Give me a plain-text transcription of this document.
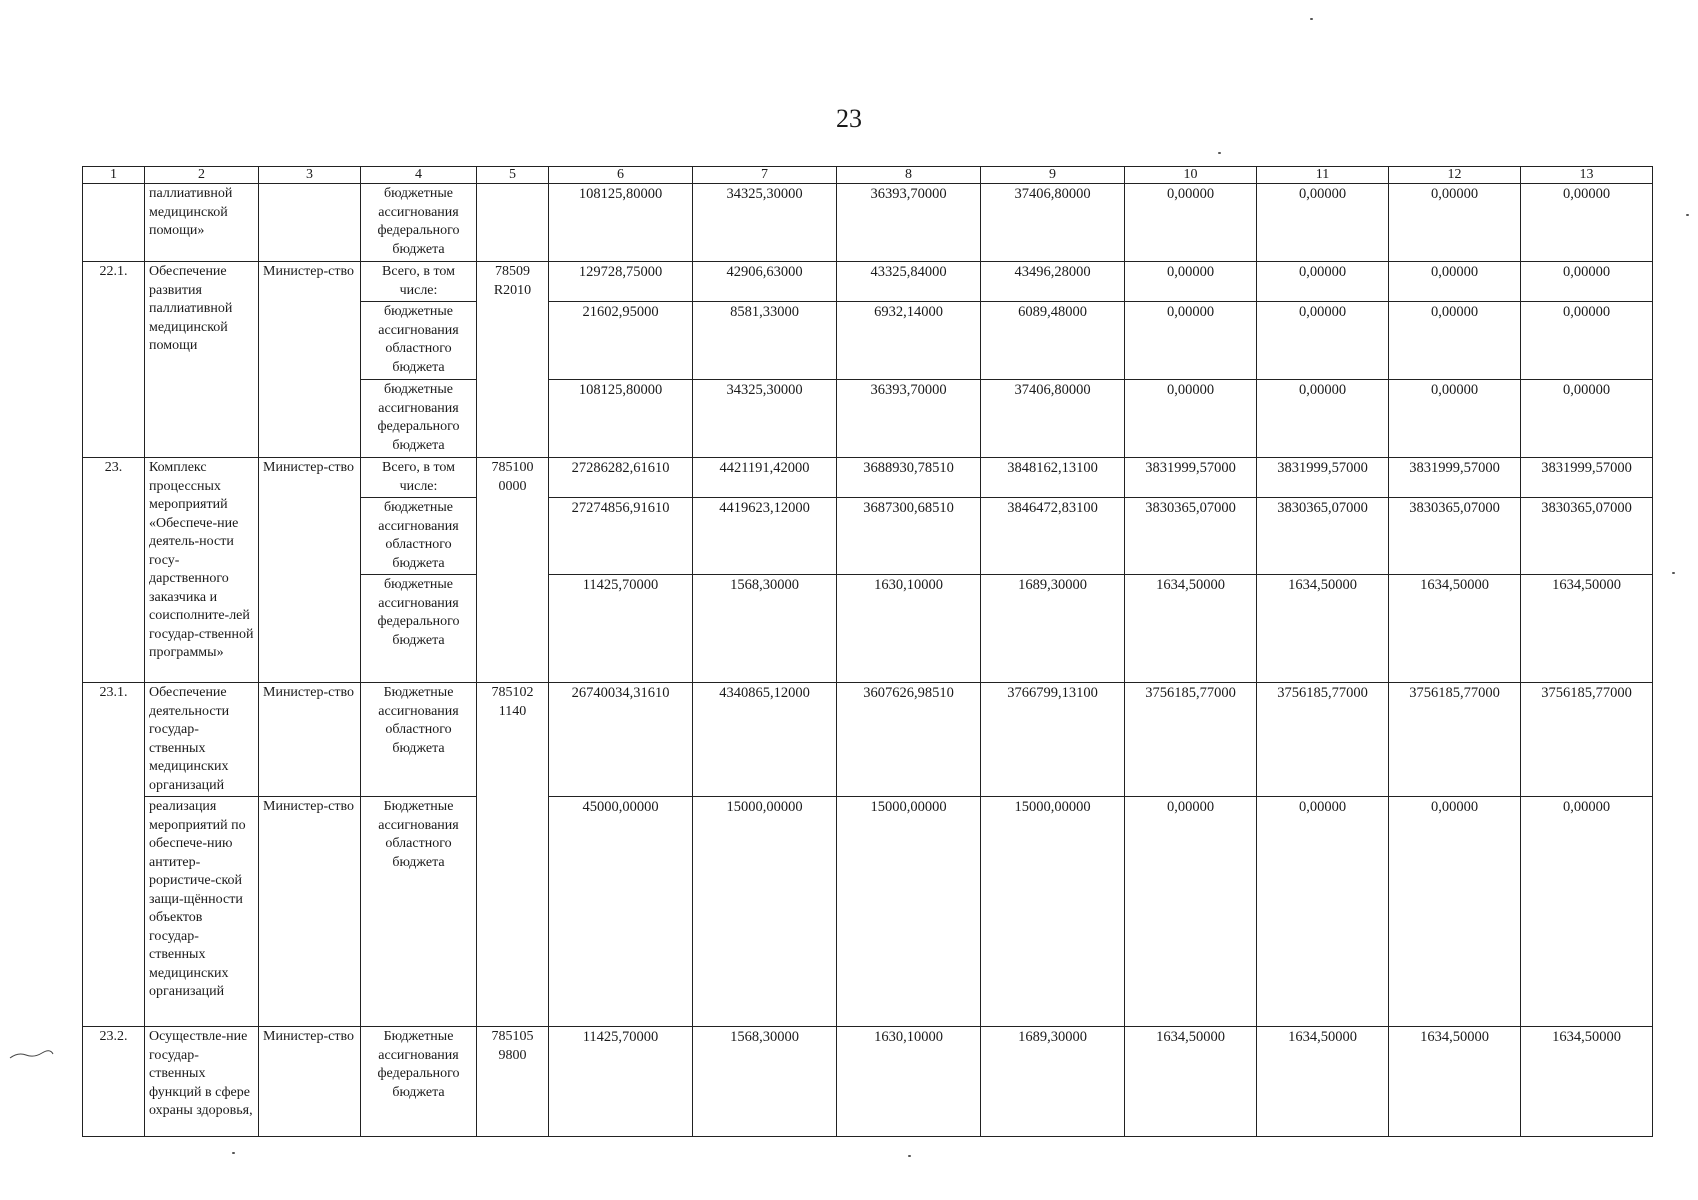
23
1	2	3	4	5	6	7	8	9	10	11	12	13
	паллиативной медицинской помощи»		бюджетные ассигнования федерального бюджета		108125,80000	34325,30000	36393,70000	37406,80000	0,00000	0,00000	0,00000	0,00000
22.1.	Обеспечение развития паллиативной медицинской помощи	Министер-ство	Всего, в том числе:	78509 R2010	129728,75000	42906,63000	43325,84000	43496,28000	0,00000	0,00000	0,00000	0,00000
			бюджетные ассигнования областного бюджета		21602,95000	8581,33000	6932,14000	6089,48000	0,00000	0,00000	0,00000	0,00000
			бюджетные ассигнования федерального бюджета		108125,80000	34325,30000	36393,70000	37406,80000	0,00000	0,00000	0,00000	0,00000
23.	Комплекс процессных мероприятий «Обеспече-ние деятель-ности госу-дарственного заказчика и соисполните-лей государ-ственной программы»	Министер-ство	Всего, в том числе:	785100 0000	27286282,61610	4421191,42000	3688930,78510	3848162,13100	3831999,57000	3831999,57000	3831999,57000	3831999,57000
			бюджетные ассигнования областного бюджета		27274856,91610	4419623,12000	3687300,68510	3846472,83100	3830365,07000	3830365,07000	3830365,07000	3830365,07000
			бюджетные ассигнования федерального бюджета		11425,70000	1568,30000	1630,10000	1689,30000	1634,50000	1634,50000	1634,50000	1634,50000
23.1.	Обеспечение деятельности государ-ственных медицинских организаций	Министер-ство	Бюджетные ассигнования областного бюджета	785102 1140	26740034,31610	4340865,12000	3607626,98510	3766799,13100	3756185,77000	3756185,77000	3756185,77000	3756185,77000
	реализация мероприятий по обеспече-нию антитер-рористиче-ской защи-щённости объектов государ-ственных медицинских организаций	Министер-ство	Бюджетные ассигнования областного бюджета		45000,00000	15000,00000	15000,00000	15000,00000	0,00000	0,00000	0,00000	0,00000
23.2.	Осуществле-ние государ-ственных функций в сфере охраны здоровья,	Министер-ство	Бюджетные ассигнования федерального бюджета	785105 9800	11425,70000	1568,30000	1630,10000	1689,30000	1634,50000	1634,50000	1634,50000	1634,50000
